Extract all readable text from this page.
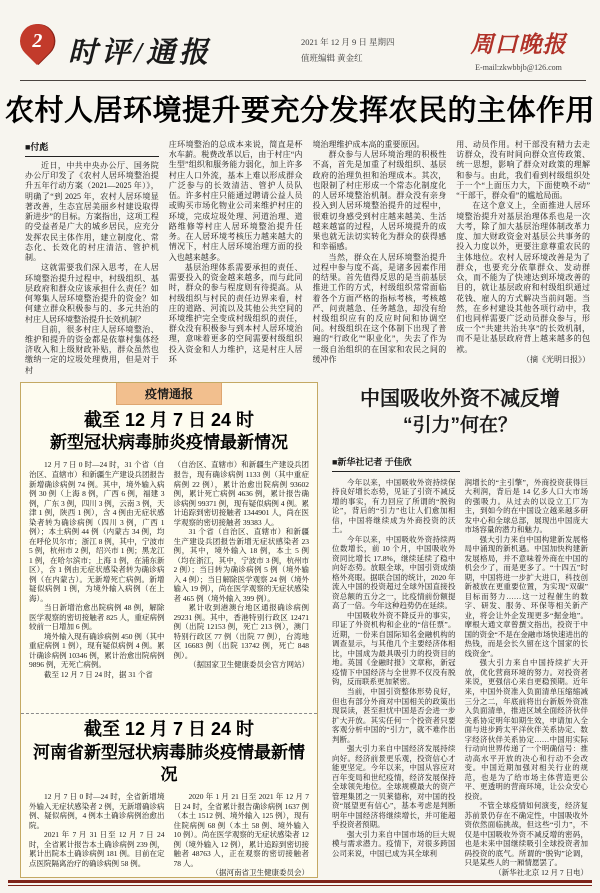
2 时评/通报	2021 年 12 月 9 日 星期四
值班编辑 黄金红
周口晚报
E-mail:zkwbbjb@126.com
农村人居环境提升要充分发挥农民的主体作用
■付彪

近日，中共中央办公厅、国务院办公厅印发了《农村人居环境整治提升五年行动方案（2021—2025 年）》，明确了“到 2025 年，农村人居环境显著改善，生态宜居美丽乡村建设取得新进步”的目标。方案指出，这项工程的受益者是广大的城乡居民，应充分发挥农民主体作用，建立制度化、常态化、长效化的村庄清洁、管护机制。

这就需要我们深入思考，在人居环境整治提升过程中，村级组织、基层政府和群众应该承担什么责任？如何筹集人居环境整治提升的资金？如何建立群众积极参与的、多元共治的村庄人居环境整治提升长效机制？

目前，很多村庄人居环境整治、维护和提升的资金都是依靠村集体经济收入和上级财政补贴，群众虽然也缴纳一定的垃圾处理费用，但是对于村

庄环境整治的总成本来说，简直是杯水车薪。税费改革以后，由于村庄“内生型”组织和服务能力弱化，加上许多村庄人口外流，基本上难以形成群众广泛参与的长效清洁、管护人员队伍。许多村庄只能通过聘请公益人员或购买市场化物业公司来维护村庄的环境，完成垃圾处理、河道治理、道路维修等村庄人居环境整治提升任务。在人居环境考核压力越来越大的情况下，村庄人居环境治理方面的投入也越来越多。

基层治理体系需要承担的责任、需要投入的资金越来越多，而与此同时，群众的参与程度则有待提高。从村级组织与村民的责任边界来看，村庄的道路、河流以及其他公共空间的环境维护完全变成村级组织的责任，群众没有积极参与到本村人居环境治理，意味着更多的空间需要村级组织投入资金和人力维护，这是村庄人居环

境治理维护成本高的重要原因。

群众参与人居环境治理的积极性不高，首先是加重了村级组织、基层政府的治理负担和治理成本。其次，也限制了村庄形成一个常态化制度化的人居环境整治机制。群众没有亲身投入到人居环境整治提升的过程中，很难切身感受到村庄越来越美、生活越来越富的过程，人居环境提升的成果也就无法切实转化为群众的获得感和幸福感。

当然，群众在人居环境整治提升过程中参与度不高，是诸多因素作用的结果。首先值得反思的是当前基层推进工作的方式，村级组织常常面临着各个方面严格的指标考核，考核越严、问责越急、任务越急，却没有给村级组织应有的反应时间和协调空间。村级组织在这个体制下出现了普遍的“行政化”“职业化”，失去了作为一级自治组织的在国家和农民之间的缓冲作

用、动员作用。村干部没有精力去走访群众，没有时间向群众宣传政策、统一思想，影响了群众对政策的理解和参与。由此，我们看到村级组织处于一个“上面压力大，下面使唤不动”“干部干，群众看”的尴尬局面。

在这个意义上，全面推进人居环境整治提升对基层治理体系也是一次大考，除了加大基层治理体制改革力度、加大财政资金对基层公共事务的投入力度以外，更要注意尊重农民的主体地位。农村人居环境改善是为了群众，也要充分依靠群众、发动群众，而不能为了快速达到环境改善的目的，就让基层政府和村级组织通过花钱、雇人的方式解决当前问题。当然，在乡村建设其他各项行动中，我们也同样需要广泛动员群众参与，形成一个“共建共治共享”的长效机制，而不是让基层政府背上越来越多的包袱。

（摘《光明日报》）

疫情通报
截至 12 月 7 日 24 时
新型冠状病毒肺炎疫情最新情况

12 月 7 日 0 时—24 时，31 个省（自治区、直辖市）和新疆生产建设兵团报告新增确诊病例 74 例。其中，境外输入病例 30 例（上海 8 例，广西 6 例，福建 3 例，广东 3 例，四川 3 例，云南 3 例，天津 1 例，陕西 1 例），含 4 例由无症状感染者转为确诊病例（四川 3 例，广西 1 例）；本土病例 44 例（内蒙古 34 例，均在呼伦贝尔市；浙江 8 例，其中，宁波市 5 例，杭州市 2 例，绍兴市 1 例；黑龙江 1 例，在哈尔滨市；上海 1 例，在浦东新区），含 1 例由无症状感染者转为确诊病例（在内蒙古）。无新增死亡病例。新增疑似病例 1 例，为境外输入病例（在上海）。

当日新增治愈出院病例 48 例，解除医学观察的密切接触者 825 人，重症病例较前一日增加 6 例。

境外输入现有确诊病例 450 例（其中重症病例 1 例），现有疑似病例 4 例。累计确诊病例 10346 例，累计治愈出院病例 9896 例，无死亡病例。

截至 12 月 7 日 24 时，据 31 个省

（自治区、直辖市）和新疆生产建设兵团报告，现有确诊病例 1133 例（其中重症病例 22 例），累计治愈出院病例 93602 例，累计死亡病例 4636 例，累计报告确诊病例 99371 例，现有疑似病例 4 例。累计追踪到密切接触者 1344901 人，尚在医学观察的密切接触者 39383 人。

31 个省（自治区、直辖市）和新疆生产建设兵团报告新增无症状感染者 23 例，其中，境外输入 18 例，本土 5 例（均在浙江，其中，宁波市 3 例，杭州市 2 例）；当日转为确诊病例 5 例（境外输入 4 例）；当日解除医学观察 24 例（境外输入 19 例），尚在医学观察的无症状感染者 465 例（境外输入 399 例）。

累计收到港澳台地区通报确诊病例 29231 例。其中，香港特别行政区 12471 例（出院 12153 例，死亡 213 例），澳门特别行政区 77 例（出院 77 例），台湾地区 16683 例（出院 13742 例，死亡 848 例）。

（据国家卫生健康委员会官方网站）

截至 12 月 7 日 24 时
河南省新型冠状病毒肺炎疫情最新情况

12 月 7 日 0 时—24 时，全省新增境外输入无症状感染者 2 例，无新增确诊病例、疑似病例，4 例本土确诊病例治愈出院。

2021 年 7 月 31 日至 12 月 7 日 24 时，全省累计报告本土确诊病例 239 例，累计出院本土确诊病例 181 例。目前在定点医院隔离治疗的确诊病例 58 例。

2020 年 1 月 21 日至 2021 年 12 月 7 日 24 时，全省累计报告确诊病例 1637 例（本土 1512 例、境外输入 125 例），现有住院病例 68 例（本土 58 例、境外输入 10 例）。尚在医学观察的无症状感染者 12 例（境外输入 12 例），累计追踪到密切接触者 48763 人，正在观察的密切接触者 78 人。

（据河南省卫生健康委员会）

中国吸收外资不减反增
“引力”何在？
■新华社记者 于佳欣

今年以来，中国吸收外资持续保持良好增长态势，见证了引资不减反增的事实，有力回应了所谓的“脱钩论”，背后的“引力”也让人们愈加相信，中国将继续成为外商投资的沃土。

今年以来，中国吸收外资持续两位数增长，前 10 个月，中国吸收外资同比增长 17.8%，继续延续了稳中向好态势。放眼全球，中国引资成绩格外亮眼。据联合国的统计，2020 年流入中国的投资超过全球外国直接投资总额的五分之一，比疫情前份额提高了一倍。今年这种趋势仍在延续。

中国吸收外资不降反升的事实，印证了外资机构和企业的“信任票”。近期，一份来自国际知名金融机构的调查显示，与其他几个主要经济体相比，中国成为最具吸引力的投资目的地。英国《金融时报》文章称，新冠疫情下中国经济与全世界不仅没有脱钩，反而联系更加紧密。

当前，中国引资整体形势良好，但也有部分外商对中国相关的政策出现误读，甚至担忧中国是否会进一步扩大开放。其实任何一个投资者只要客观分析中国的“引力”，就不难作出判断。

强大引力来自中国经济发展持续向好。经济前景更乐观，投资信心才能更坚定。今年以来，中国从容应对百年变局和世纪疫情，经济发展保持全球领先地位。全球规模最大的资产管理集团之一贝莱德称，对中国的投资“展望更有信心”，基本考虑是判断明年中国经济将继续增长，并可能超乎投资者预期。

强大引力来自中国市场的巨大规模与需求潜力。疫情下，对很多跨国公司来说，中国已成为其全球利

润增长的“主引擎”，外商投资获得巨大利润，背后是 14 亿多人口大市场的强吸力。从过去的以设立工厂为主，到如今的在中国设立越来越多研发中心和全球总部，展现出中国庞大市场容量的潜力和魅力。

强大引力来自中国构建新发展格局中涌现的新机遇。中国加快构建新发展格局，并不意味着外商在中国的机会少了，而是更多了。“十四五”时期，中国将进一步扩大进口，科技创新被放在更重要位置，为实现“双碳”目标而努力……这一过程催生的数字、研发、服务、环保等相关新产业，将会让外企发现更多“掘金地”。摩根大通文章曾撰文指出，投资于中国的资金“不是在金融市场快速进出的热钱，而是会长久留在这个国家的长线资金”。

强大引力来自中国持续扩大开放，优化营商环境的努力。对投资者来说，更强信心来自更稳预期。近年来，中国外资准入负面清单压缩缩减三分之二，年底前将出台新版外资准入负面清单，推进区域全面经济伙伴关系协定明年如期生效，申请加入全面与进步跨太平洋伙伴关系协定、数字经济伙伴关系协定……中国用实际行动向世界传递了一个明确信号：推动高水平开放的决心和行动不会改变。中国近期加强对相关行业的规范，也是为了给市场主体营造更公平、更透明的营商环境，让公众安心投资。

不管全球疫情如何演变，经济复苏前景仍存在不确定性，中国吸收外资依然面临挑战，但这些“引力”，不仅是中国吸收外资不减反增的密码，也是未来中国继续吸引全球投资者加码投资的底气。所谓的“脱钩”论调，只是某些人的一厢情愿罢了。

（新华社北京 12 月 7 日电）
